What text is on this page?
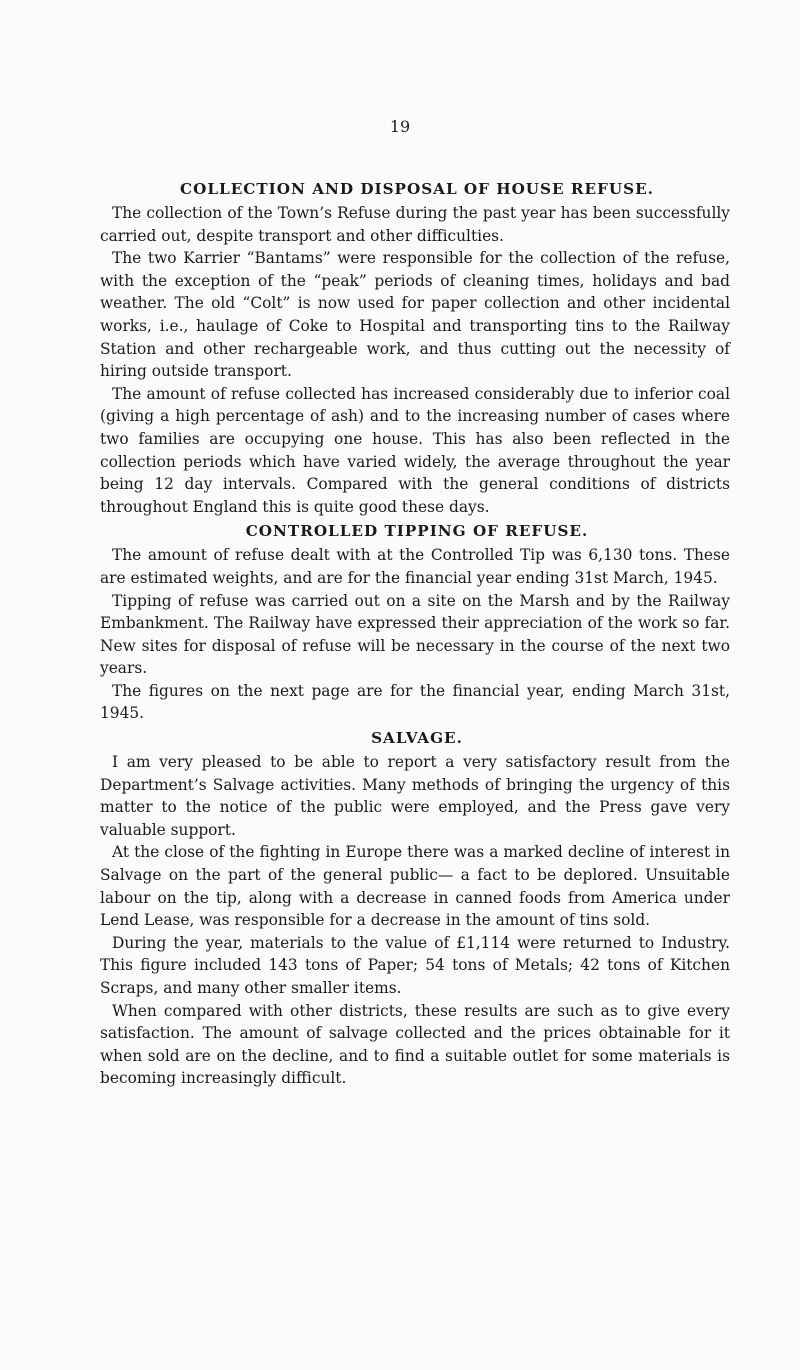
19
COLLECTION AND DISPOSAL OF HOUSE REFUSE.

The collection of the Town’s Refuse during the past year has been successfully carried out, despite transport and other difficulties.

The two Karrier “Bantams” were responsible for the collection of the refuse, with the exception of the “peak” periods of cleaning times, holidays and bad weather. The old “Colt” is now used for paper collection and other incidental works, i.e., haulage of Coke to Hospital and transporting tins to the Railway Station and other rechargeable work, and thus cutting out the necessity of hiring outside transport.

The amount of refuse collected has increased considerably due to inferior coal (giving a high percentage of ash) and to the increasing number of cases where two families are occupying one house. This has also been reflected in the collection periods which have varied widely, the average throughout the year being 12 day intervals. Compared with the general conditions of districts throughout England this is quite good these days.

CONTROLLED TIPPING OF REFUSE.

The amount of refuse dealt with at the Controlled Tip was 6,130 tons. These are estimated weights, and are for the financial year ending 31st March, 1945.

Tipping of refuse was carried out on a site on the Marsh and by the Railway Embankment. The Railway have expressed their appreciation of the work so far. New sites for disposal of refuse will be necessary in the course of the next two years.

The figures on the next page are for the financial year, ending March 31st, 1945.

SALVAGE.

I am very pleased to be able to report a very satisfactory result from the Department’s Salvage activities. Many methods of bringing the urgency of this matter to the notice of the public were employed, and the Press gave very valuable support.

At the close of the fighting in Europe there was a marked decline of interest in Salvage on the part of the general public— a fact to be deplored. Unsuitable labour on the tip, along with a decrease in canned foods from America under Lend Lease, was responsible for a decrease in the amount of tins sold.

During the year, materials to the value of £1,114 were returned to Industry. This figure included 143 tons of Paper; 54 tons of Metals; 42 tons of Kitchen Scraps, and many other smaller items.

When compared with other districts, these results are such as to give every satisfaction. The amount of salvage collected and the prices obtainable for it when sold are on the decline, and to find a suitable outlet for some materials is becoming increasingly difficult.
